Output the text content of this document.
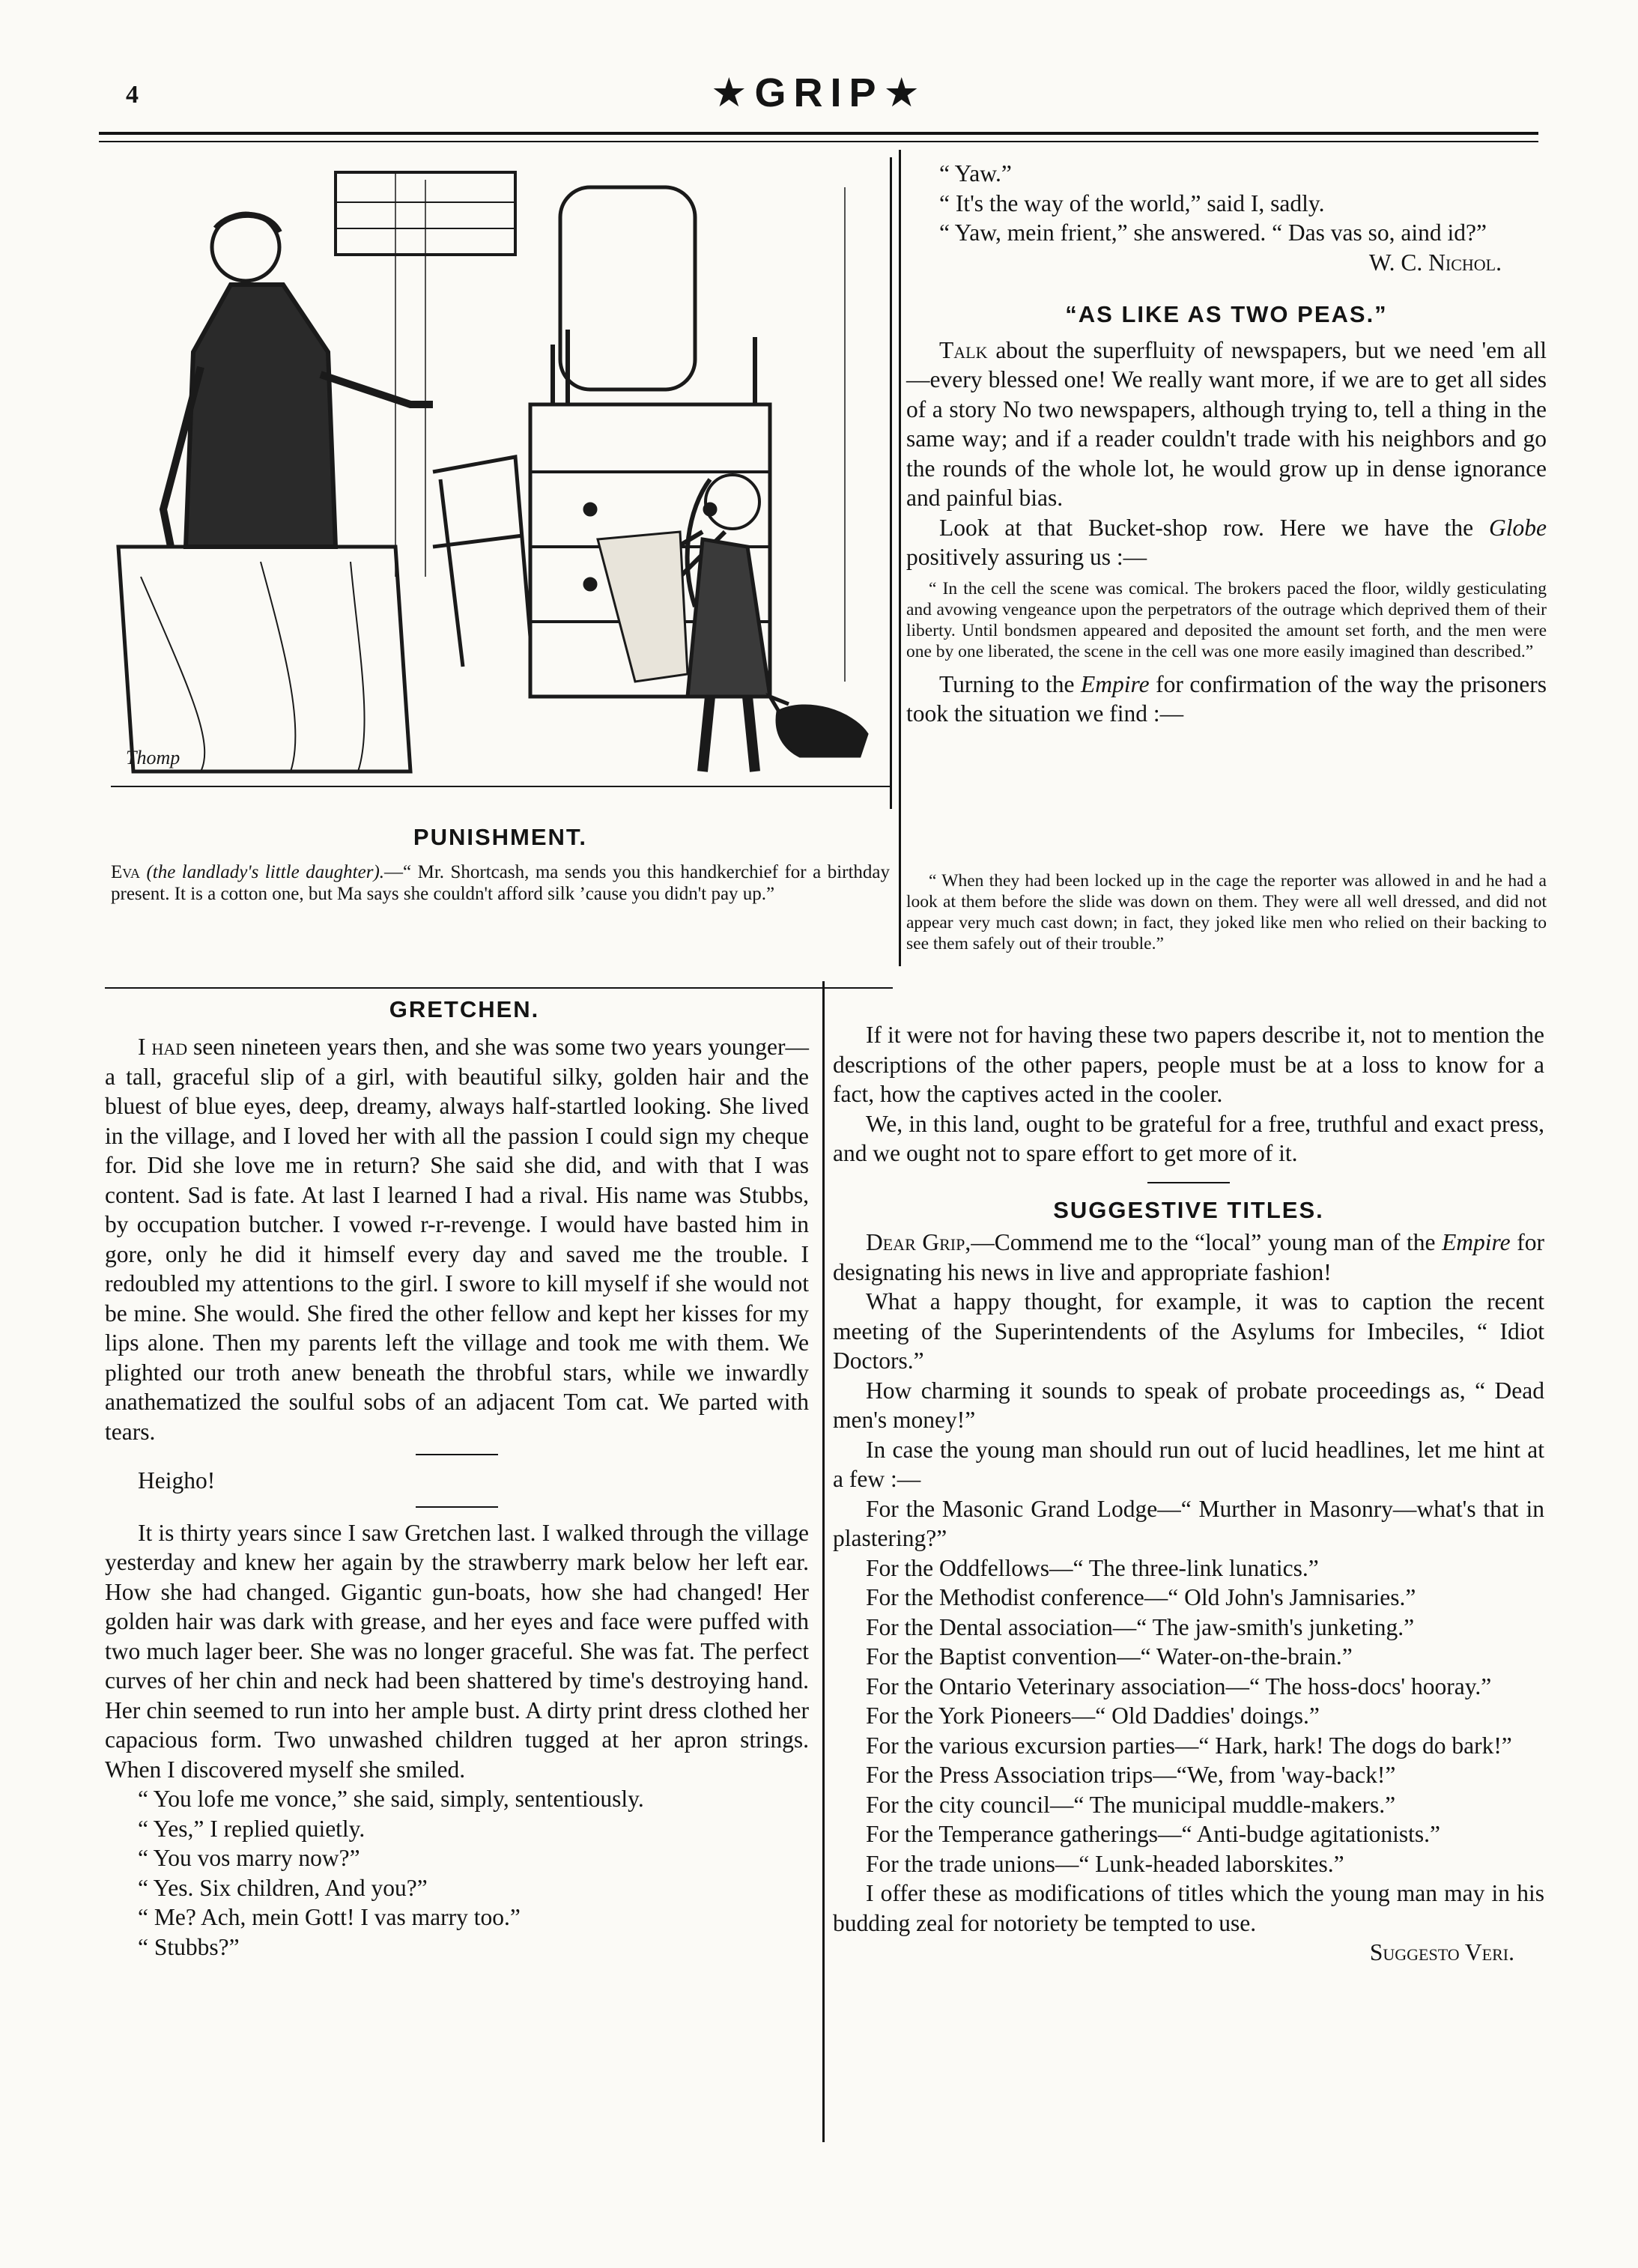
4	★GRIP★
Thomp
PUNISHMENT.
Eva (the landlady's little daughter).—“ Mr. Shortcash, ma sends you this handkerchief for a birthday present. It is a cotton one, but Ma says she couldn't afford silk ’cause you didn't pay up.”
GRETCHEN.

I had seen nineteen years then, and she was some two years younger—a tall, graceful slip of a girl, with beautiful silky, golden hair and the bluest of blue eyes, deep, dreamy, always half-startled looking. She lived in the village, and I loved her with all the passion I could sign my cheque for. Did she love me in return? She said she did, and with that I was content. Sad is fate. At last I learned I had a rival. His name was Stubbs, by occupation butcher. I vowed r-r-revenge. I would have basted him in gore, only he did it himself every day and saved me the trouble. I redoubled my attentions to the girl. I swore to kill myself if she would not be mine. She would. She fired the other fellow and kept her kisses for my lips alone. Then my parents left the village and took me with them. We plighted our troth anew beneath the throbful stars, while we inwardly anathematized the soulful sobs of an adjacent Tom cat. We parted with tears.

Heigho!

It is thirty years since I saw Gretchen last. I walked through the village yesterday and knew her again by the strawberry mark below her left ear. How she had changed. Gigantic gun-boats, how she had changed! Her golden hair was dark with grease, and her eyes and face were puffed with two much lager beer. She was no longer graceful. She was fat. The perfect curves of her chin and neck had been shattered by time's destroying hand. Her chin seemed to run into her ample bust. A dirty print dress clothed her capacious form. Two unwashed children tugged at her apron strings. When I discovered myself she smiled.

“ You lofe me vonce,” she said, simply, sententiously.

“ Yes,” I replied quietly.

“ You vos marry now?”

“ Yes. Six children, And you?”

“ Me? Ach, mein Gott! I vas marry too.”

“ Stubbs?”

“ Yaw.”

“ It's the way of the world,” said I, sadly.

“ Yaw, mein frient,” she answered. “ Das vas so, aind id?”

W. C. Nichol.
“AS LIKE AS TWO PEAS.”

Talk about the superfluity of newspapers, but we need 'em all—every blessed one! We really want more, if we are to get all sides of a story No two newspapers, although trying to, tell a thing in the same way; and if a reader couldn't trade with his neighbors and go the rounds of the whole lot, he would grow up in dense ignorance and painful bias.

Look at that Bucket-shop row. Here we have the Globe positively assuring us :—

“ In the cell the scene was comical. The brokers paced the floor, wildly gesticulating and avowing vengeance upon the perpetrators of the outrage which deprived them of their liberty. Until bondsmen appeared and deposited the amount set forth, and the men were one by one liberated, the scene in the cell was one more easily imagined than described.”

Turning to the Empire for confirmation of the way the prisoners took the situation we find :—

“ When they had been locked up in the cage the reporter was allowed in and he had a look at them before the slide was down on them. They were all well dressed, and did not appear very much cast down; in fact, they joked like men who relied on their backing to see them safely out of their trouble.”

If it were not for having these two papers describe it, not to mention the descriptions of the other papers, people must be at a loss to know for a fact, how the captives acted in the cooler.

We, in this land, ought to be grateful for a free, truthful and exact press, and we ought not to spare effort to get more of it.

SUGGESTIVE TITLES.

Dear Grip,—Commend me to the “local” young man of the Empire for designating his news in live and appropriate fashion!

What a happy thought, for example, it was to caption the recent meeting of the Superintendents of the Asylums for Imbeciles, “ Idiot Doctors.”

How charming it sounds to speak of probate proceedings as, “ Dead men's money!”

In case the young man should run out of lucid headlines, let me hint at a few :—

For the Masonic Grand Lodge—“ Murther in Masonry—what's that in plastering?”

For the Oddfellows—“ The three-link lunatics.”

For the Methodist conference—“ Old John's Jamnisaries.”

For the Dental association—“ The jaw-smith's junketing.”

For the Baptist convention—“ Water-on-the-brain.”

For the Ontario Veterinary association—“ The hoss-docs' hooray.”

For the York Pioneers—“ Old Daddies' doings.”

For the various excursion parties—“ Hark, hark! The dogs do bark!”

For the Press Association trips—“We, from 'way-back!”

For the city council—“ The municipal muddle-makers.”

For the Temperance gatherings—“ Anti-budge agitationists.”

For the trade unions—“ Lunk-headed laborskites.”

I offer these as modifications of titles which the young man may in his budding zeal for notoriety be tempted to use.

Suggesto Veri.
